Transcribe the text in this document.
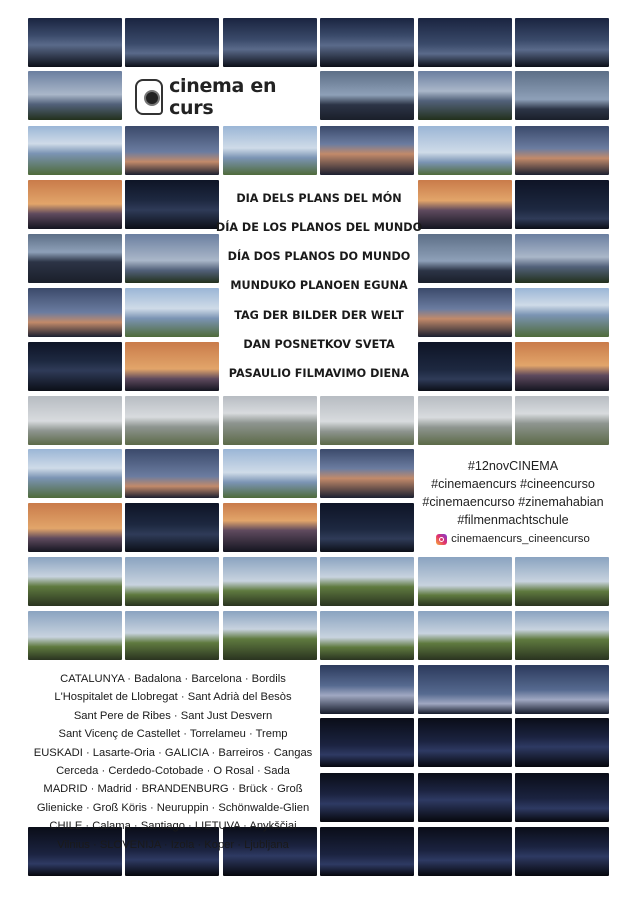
cinema en curs
DIA DELS PLANS DEL MÓN
DÍA DE LOS PLANOS DEL MUNDO
DÍA DOS PLANOS DO MUNDO
MUNDUKO PLANOEN EGUNA
TAG DER BILDER DER WELT
DAN POSNETKOV SVETA
PASAULIO FILMAVIMO DIENA
#12novCINEMA
#cinemaencurs #cineencurso
#cinemaencurso #zinemahabian
#filmenmachtschule
cinemaencurs_cineencurso
CATALUNYA · Badalona · Barcelona · Bordils
L'Hospitalet de Llobregat · Sant Adrià del Besòs
Sant Pere de Ribes · Sant Just Desvern
Sant Vicenç de Castellet · Torrelameu · Tremp
EUSKADI · Lasarte-Oria · GALICIA · Barreiros · Cangas
Cerceda · Cerdedo-Cotobade · O Rosal · Sada
MADRID · Madrid · BRANDENBURG · Brück · Groß
Glienicke · Groß Köris · Neuruppin · Schönwalde-Glien
CHILE · Calama · Santiago · LIETUVA · Anykščiai
Vilnius · SLOVENIJA · Izola · Koper · Ljubljana
